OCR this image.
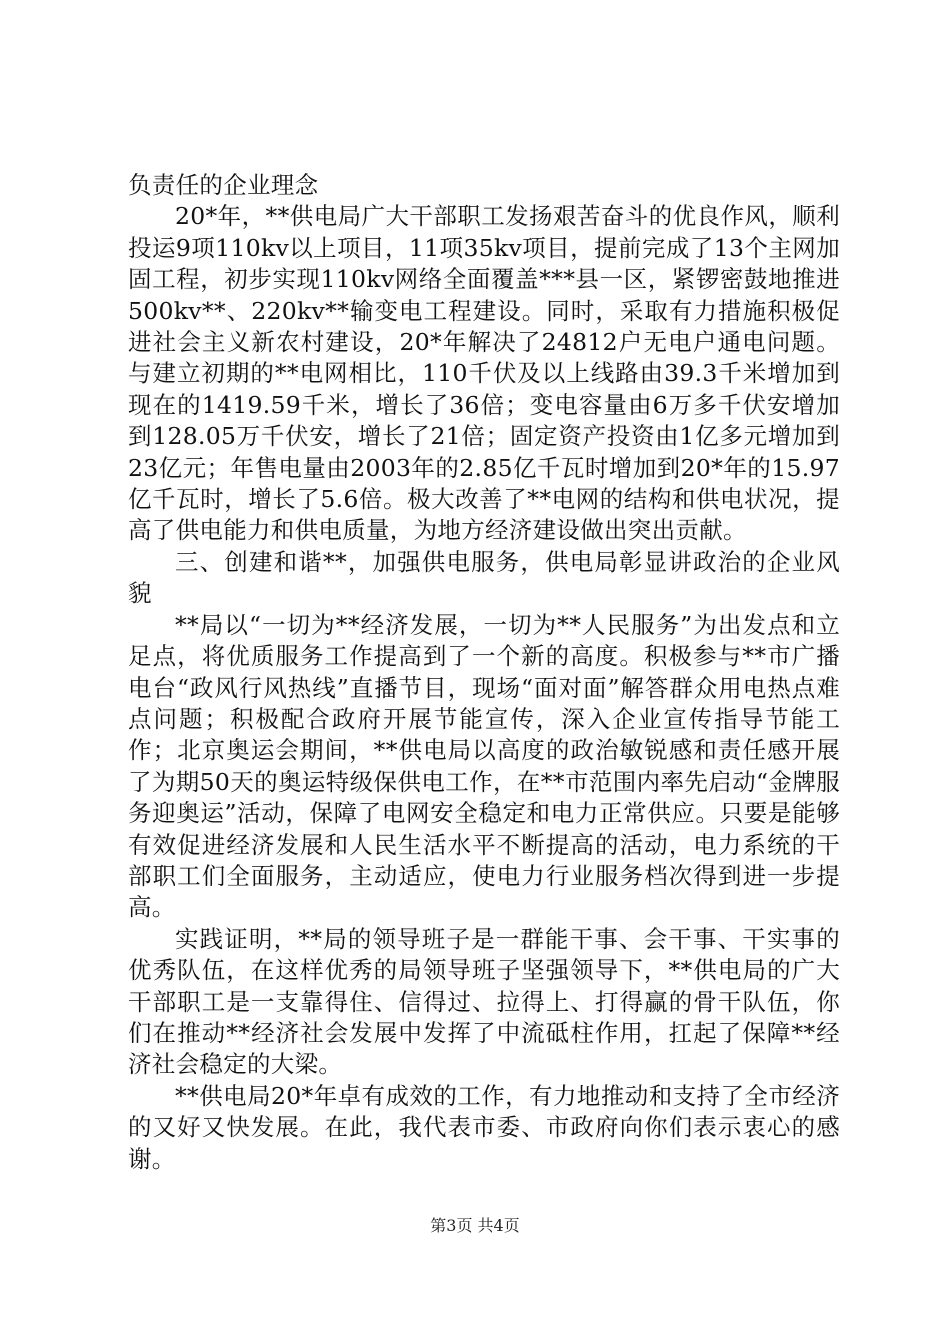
负责任的企业理念

20*年，**供电局广大干部职工发扬艰苦奋斗的优良作风，顺利投运9项110kv以上项目，11项35kv项目，提前完成了13个主网加固工程，初步实现110kv网络全面覆盖***县一区，紧锣密鼓地推进500kv**、220kv**输变电工程建设。同时，采取有力措施积极促进社会主义新农村建设，20*年解决了24812户无电户通电问题。与建立初期的**电网相比，110千伏及以上线路由39.3千米增加到现在的1419.59千米，增长了36倍；变电容量由6万多千伏安增加到128.05万千伏安，增长了21倍；固定资产投资由1亿多元增加到23亿元；年售电量由2003年的2.85亿千瓦时增加到20*年的15.97亿千瓦时，增长了5.6倍。极大改善了**电网的结构和供电状况，提高了供电能力和供电质量，为地方经济建设做出突出贡献。

三、创建和谐**，加强供电服务，供电局彰显讲政治的企业风貌

**局以“一切为**经济发展，一切为**人民服务”为出发点和立足点，将优质服务工作提高到了一个新的高度。积极参与**市广播电台“政风行风热线”直播节目，现场“面对面”解答群众用电热点难点问题；积极配合政府开展节能宣传，深入企业宣传指导节能工作；北京奥运会期间，**供电局以高度的政治敏锐感和责任感开展了为期50天的奥运特级保供电工作，在**市范围内率先启动“金牌服务迎奥运”活动，保障了电网安全稳定和电力正常供应。只要是能够有效促进经济发展和人民生活水平不断提高的活动，电力系统的干部职工们全面服务，主动适应，使电力行业服务档次得到进一步提高。

实践证明，**局的领导班子是一群能干事、会干事、干实事的优秀队伍，在这样优秀的局领导班子坚强领导下，**供电局的广大干部职工是一支靠得住、信得过、拉得上、打得赢的骨干队伍，你们在推动**经济社会发展中发挥了中流砥柱作用，扛起了保障**经济社会稳定的大梁。

**供电局20*年卓有成效的工作，有力地推动和支持了全市经济的又好又快发展。在此，我代表市委、市政府向你们表示衷心的感谢。

第3页 共4页
